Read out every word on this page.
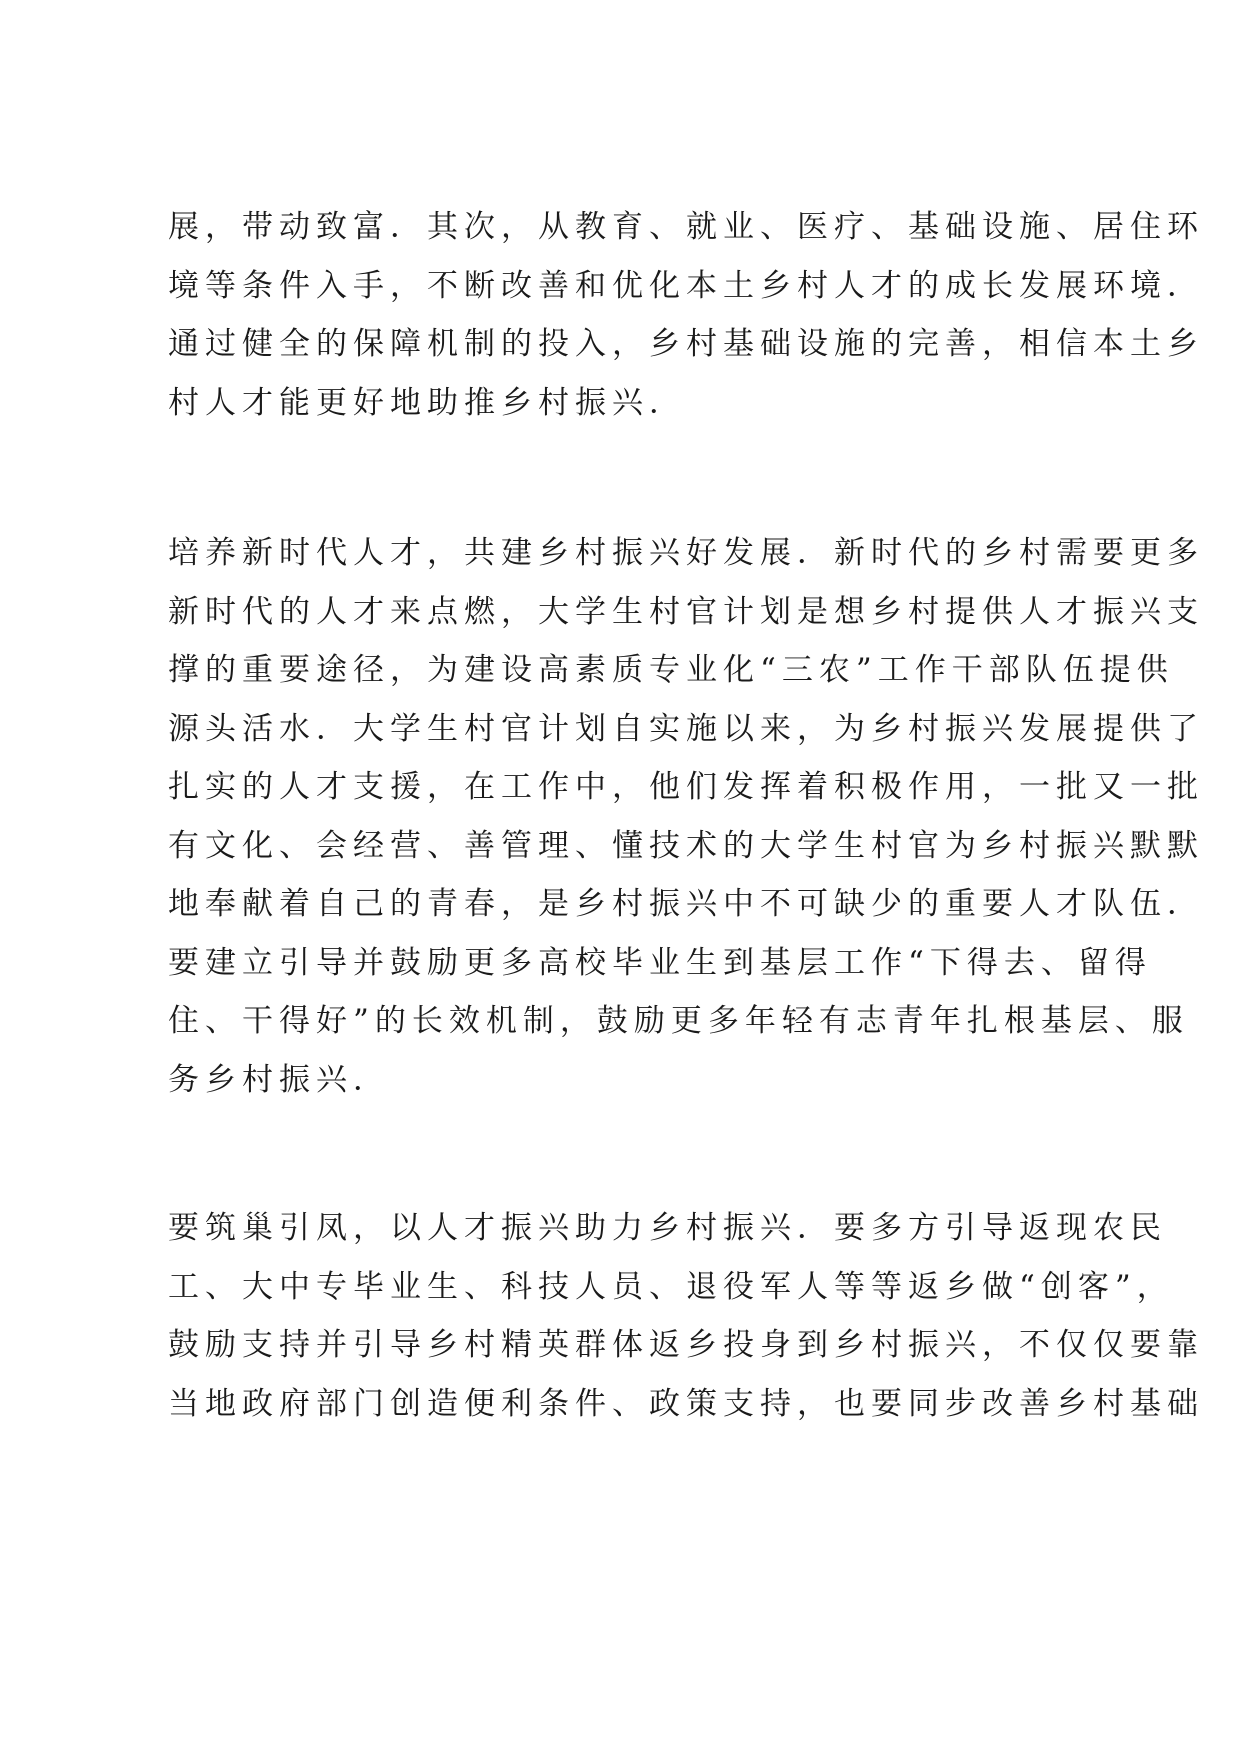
展，带动致富．其次，从教育、就业、医疗、基础设施、居住环
境等条件入手，不断改善和优化本土乡村人才的成长发展环境．
通过健全的保障机制的投入，乡村基础设施的完善，相信本土乡
村人才能更好地助推乡村振兴．

培养新时代人才，共建乡村振兴好发展．新时代的乡村需要更多
新时代的人才来点燃，大学生村官计划是想乡村提供人才振兴支
撑的重要途径，为建设高素质专业化“三农”工作干部队伍提供
源头活水．大学生村官计划自实施以来，为乡村振兴发展提供了
扎实的人才支援，在工作中，他们发挥着积极作用，一批又一批
有文化、会经营、善管理、懂技术的大学生村官为乡村振兴默默
地奉献着自己的青春，是乡村振兴中不可缺少的重要人才队伍．
要建立引导并鼓励更多高校毕业生到基层工作“下得去、留得
住、干得好”的长效机制，鼓励更多年轻有志青年扎根基层、服
务乡村振兴．

要筑巢引凤，以人才振兴助力乡村振兴．要多方引导返现农民
工、大中专毕业生、科技人员、退役军人等等返乡做“创客”，
鼓励支持并引导乡村精英群体返乡投身到乡村振兴，不仅仅要靠
当地政府部门创造便利条件、政策支持，也要同步改善乡村基础
